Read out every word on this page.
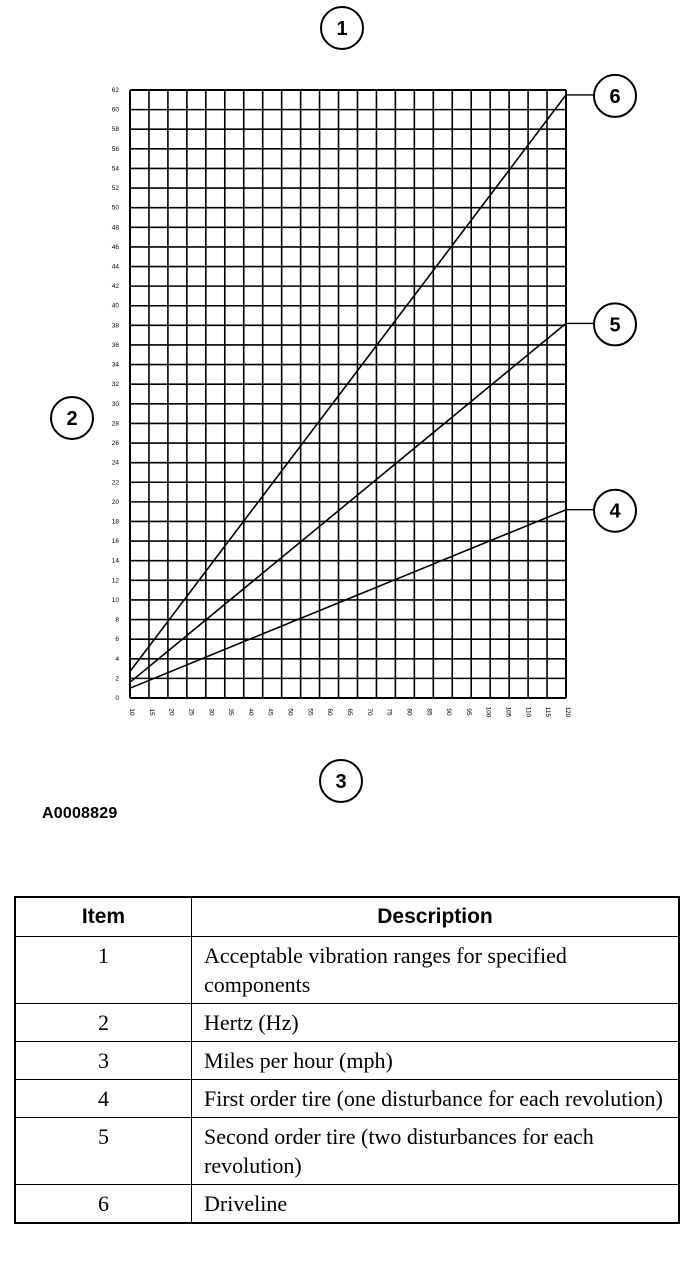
0
2
4
6
8
10
12
14
16
18
20
22
24
26
28
30
32
34
36
38
40
42
44
46
48
50
52
54
56
58
60
62
10 15 20 25 30 35 40 45 50 55 60 65 70 75 80 85 90 95 100 105 110 115 120
4
5
6
1
2
3
A0008829
Item	Description
1	Acceptable vibration ranges for specified components
2	Hertz (Hz)
3	Miles per hour (mph)
4	First order tire (one disturbance for each revolution)
5	Second order tire (two disturbances for each revolution)
6	Driveline
